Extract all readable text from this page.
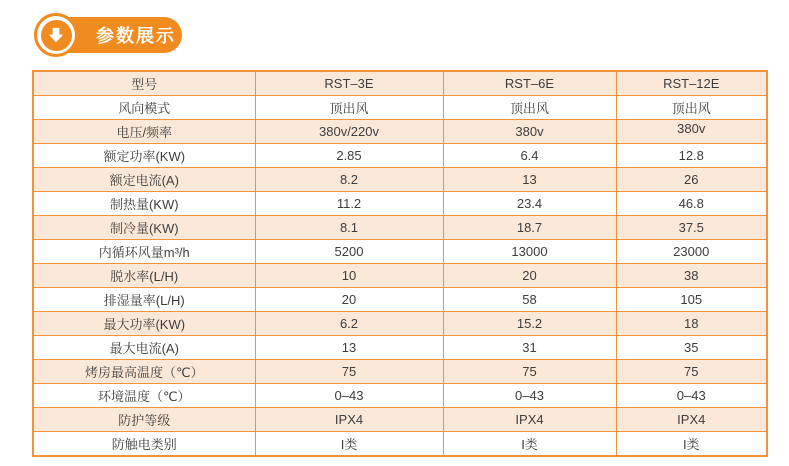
参数展示
型号	RST–3E	RST–6E	RST–12E
风向模式	顶出风	顶出风	顶出风
电压/频率	380v/220v	380v	380v
额定功率(KW)	2.85	6.4	12.8
额定电流(A)	8.2	13	26
制热量(KW)	11.2	23.4	46.8
制冷量(KW)	8.1	18.7	37.5
内循环风量m³/h	5200	13000	23000
脱水率(L/H)	10	20	38
排湿量率(L/H)	20	58	105
最大功率(KW)	6.2	15.2	18
最大电流(A)	13	31	35
烤房最高温度（℃）	75	75	75
环境温度（℃）	0–43	0–43	0–43
防护等级	IPX4	IPX4	IPX4
防触电类别	I类	I类	I类
